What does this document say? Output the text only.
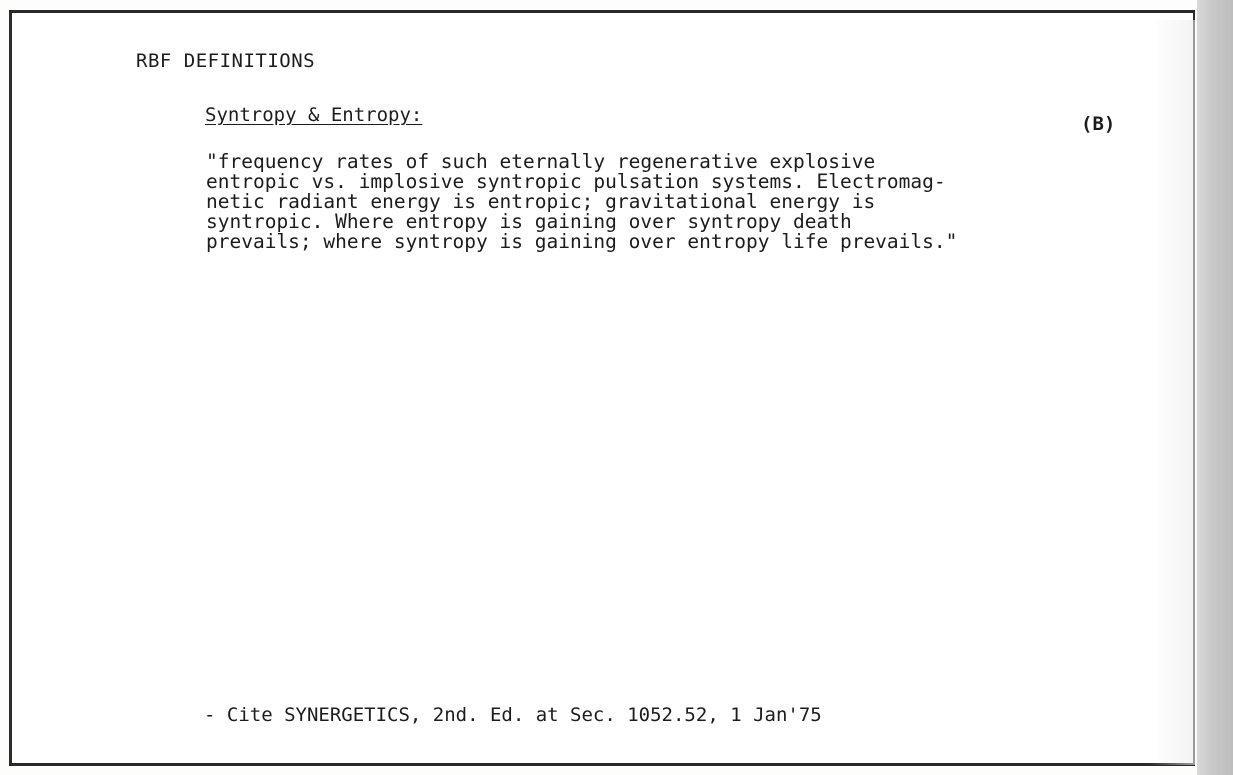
RBF DEFINITIONS
Syntropy & Entropy:	(B)
"frequency rates of such eternally regenerative explosive
entropic vs. implosive syntropic pulsation systems. Electromag-
netic radiant energy is entropic; gravitational energy is
syntropic. Where entropy is gaining over syntropy death
prevails; where syntropy is gaining over entropy life prevails."
- Cite SYNERGETICS, 2nd. Ed. at Sec. 1052.52, 1 Jan'75
